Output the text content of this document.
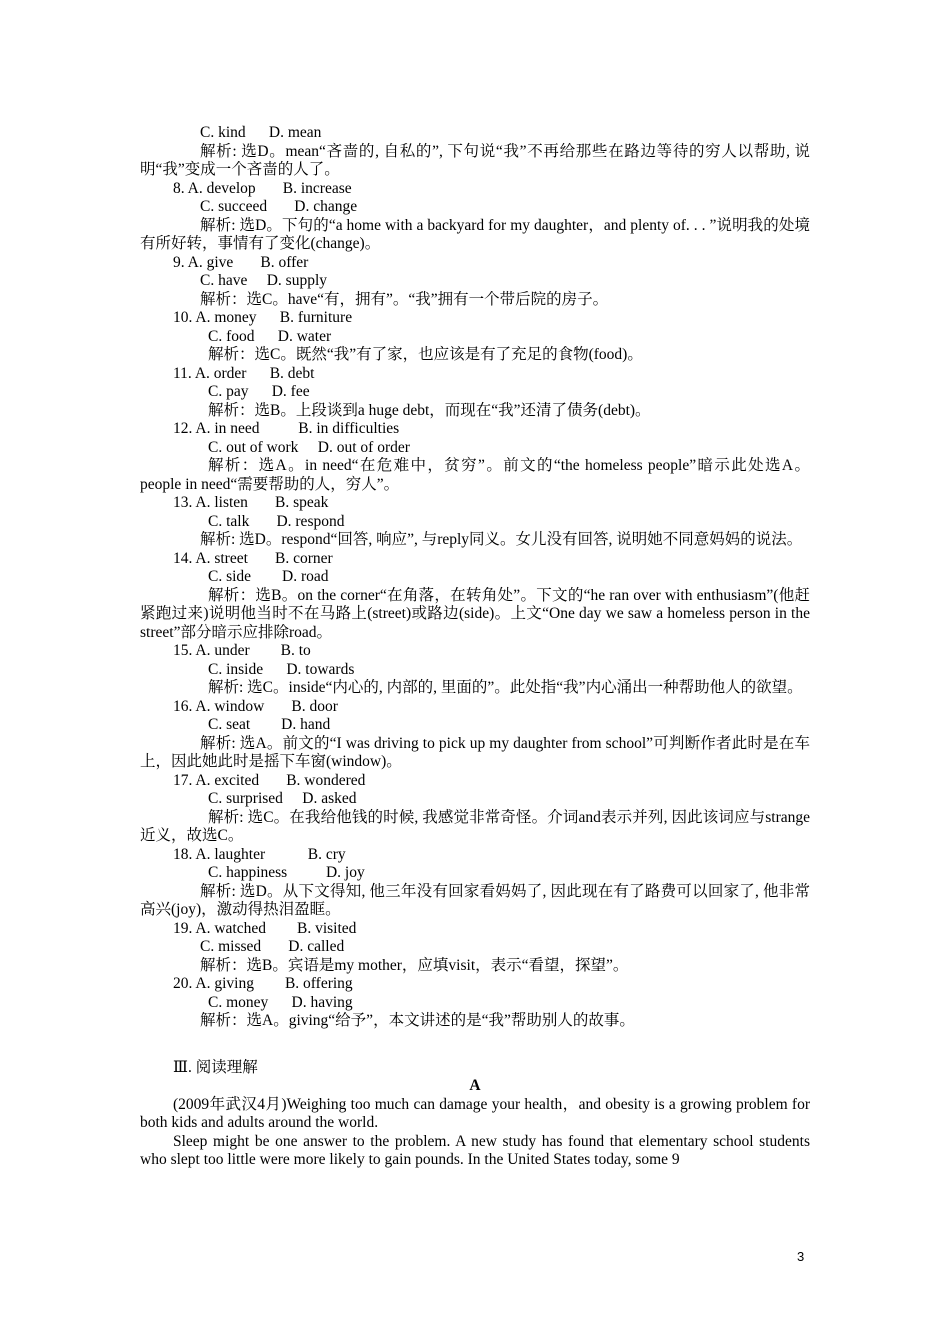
C. kind      D. mean
解析: 选D。mean“吝啬的, 自私的”, 下句说“我”不再给那些在路边等待的穷人以帮助, 说明“我”变成一个吝啬的人了。
8. A. develop       B. increase
C. succeed       D. change
解析: 选D。下句的“a home with a backyard for my daughter，and plenty of. . . ”说明我的处境有所好转，事情有了变化(change)。
9. A. give       B. offer
C. have     D. supply
解析：选C。have“有，拥有”。“我”拥有一个带后院的房子。
10. A. money      B. furniture
C. food      D. water
解析：选C。既然“我”有了家，也应该是有了充足的食物(food)。
11. A. order      B. debt
C. pay      D. fee
解析：选B。上段谈到a huge debt，而现在“我”还清了债务(debt)。
12. A. in need          B. in difficulties
C. out of work     D. out of order
解析：选A。in need“在危难中，贫穷”。前文的“the homeless people”暗示此处选A。people in need“需要帮助的人，穷人”。
13. A. listen       B. speak
C. talk       D. respond
解析: 选D。respond“回答, 响应”, 与reply同义。女儿没有回答, 说明她不同意妈妈的说法。
14. A. street       B. corner
C. side        D. road
解析：选B。on the corner“在角落，在转角处”。下文的“he ran over with enthusiasm”(他赶紧跑过来)说明他当时不在马路上(street)或路边(side)。上文“One day we saw a homeless person in the street”部分暗示应排除road。
15. A. under        B. to
C. inside      D. towards
解析: 选C。inside“内心的, 内部的, 里面的”。此处指“我”内心涌出一种帮助他人的欲望。
16. A. window       B. door
C. seat        D. hand
解析: 选A。前文的“I was driving to pick up my daughter from school”可判断作者此时是在车上，因此她此时是摇下车窗(window)。
17. A. excited       B. wondered
C. surprised     D. asked
解析: 选C。在我给他钱的时候, 我感觉非常奇怪。介词and表示并列, 因此该词应与strange近义，故选C。
18. A. laughter           B. cry
C. happiness          D. joy
解析: 选D。从下文得知, 他三年没有回家看妈妈了, 因此现在有了路费可以回家了, 他非常高兴(joy)，激动得热泪盈眶。
19. A. watched        B. visited
C. missed       D. called
解析：选B。宾语是my mother，应填visit，表示“看望，探望”。
20. A. giving        B. offering
C. money      D. having
解析：选A。giving“给予”，本文讲述的是“我”帮助别人的故事。
Ⅲ. 阅读理解
A
(2009年武汉4月)Weighing too much can damage your health，and obesity is a growing problem for both kids and adults around the world.
Sleep might be one answer to the problem. A new study has found that elementary school students who slept too little were more likely to gain pounds. In the United States today, some 9
3
